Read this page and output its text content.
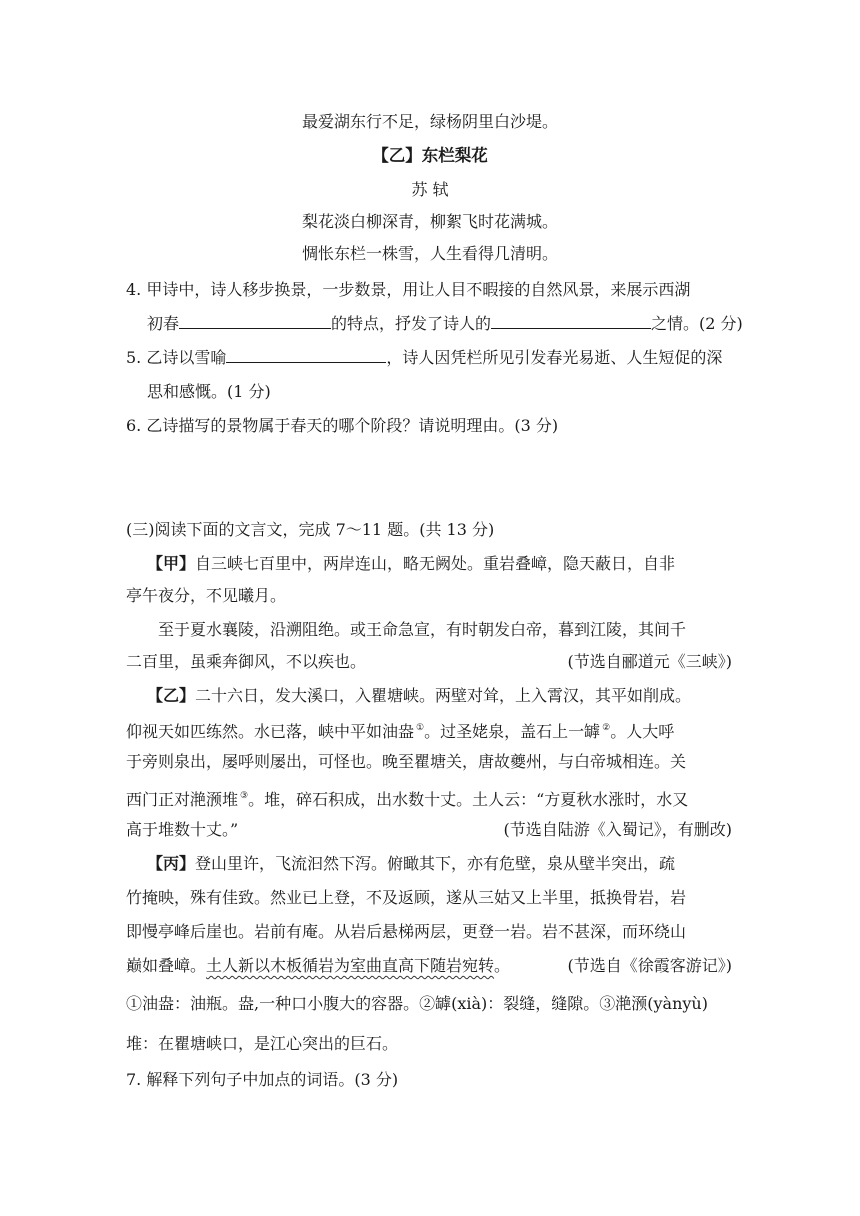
最爱湖东行不足，绿杨阴里白沙堤。
【乙】东栏梨花
苏 轼
梨花淡白柳深青，柳絮飞时花满城。
惆怅东栏一株雪，人生看得几清明。
4. 甲诗中，诗人移步换景，一步数景，用让人目不暇接的自然风景，来展示西湖
初春	的特点，抒发了诗人的	之情。(2 分)
5. 乙诗以雪喻	，诗人因凭栏所见引发春光易逝、人生短促的深
思和感慨。(1 分)
6. 乙诗描写的景物属于春天的哪个阶段？请说明理由。(3 分)
(三)阅读下面的文言文，完成 7～11 题。(共 13 分)
【甲】自三峡七百里中，两岸连山，略无阙处。重岩叠嶂，隐天蔽日，自非
亭午夜分，不见曦月。
至于夏水襄陵，沿溯阻绝。或王命急宣，有时朝发白帝，暮到江陵，其间千
二百里，虽乘奔御风，不以疾也。	(节选自郦道元《三峡》)
【乙】二十六日，发大溪口，入瞿塘峡。两壁对耸，上入霄汉，其平如削成。
仰视天如匹练然。水已落，峡中平如油盎 ①。过圣姥泉，盖石上一罅 ②。人大呼
于旁则泉出，屡呼则屡出，可怪也。晚至瞿塘关，唐故夔州，与白帝城相连。关
西门正对滟滪堆 ③。堆，碎石积成，出水数十丈。土人云：“方夏秋水涨时，水又
高于堆数十丈。”	(节选自陆游《入蜀记》，有删改)
【丙】登山里许，飞流汩然下泻。俯瞰其下，亦有危壁，泉从壁半突出，疏
竹掩映，殊有佳致。然业已上登，不及返顾，遂从三姑又上半里，抵换骨岩，岩
即慢亭峰后崖也。岩前有庵。从岩后悬梯两层，更登一岩。岩不甚深，而环绕山
巅如叠嶂。土人新以木板循岩为室曲直高下随岩宛转。	(节选自《徐霞客游记》)
①油盎：油瓶。盎,一种口小腹大的容器。②罅(xià)：裂缝，缝隙。③滟滪(yànyù)
堆：在瞿塘峡口，是江心突出的巨石。
7. 解释下列句子中加点的词语。(3 分)
